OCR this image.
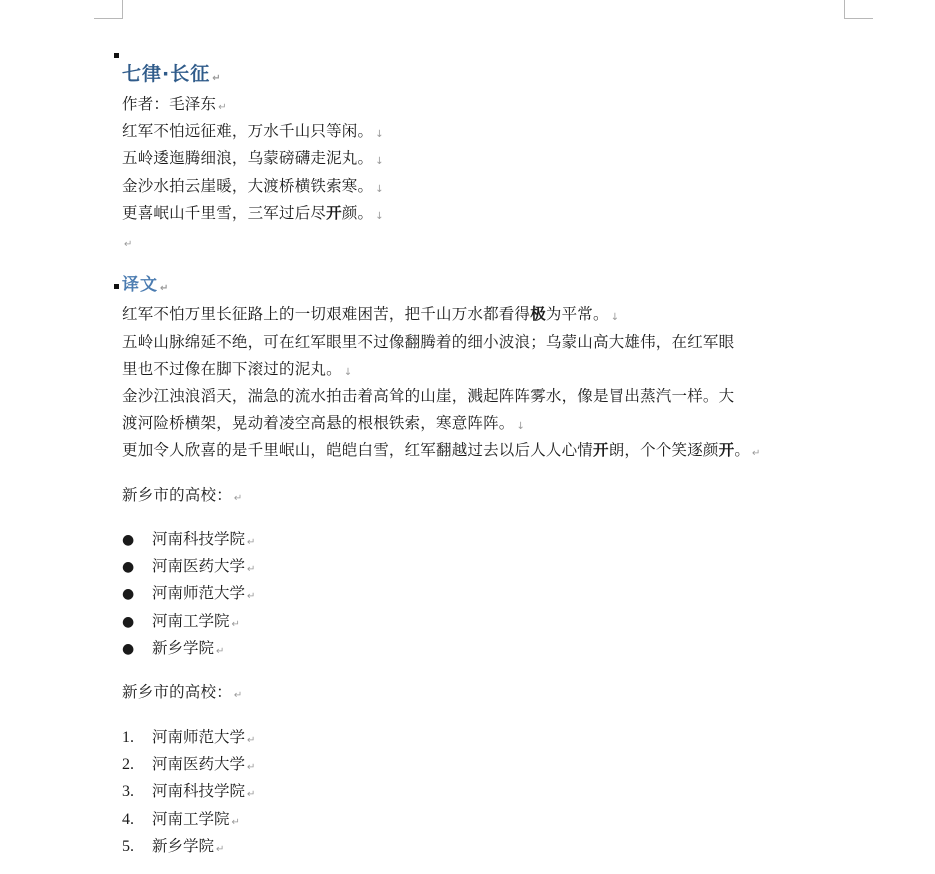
七律·长征 ↵
作者：毛泽东 ↵
红军不怕远征难，万水千山只等闲。 ↓
五岭逶迤腾细浪，乌蒙磅礴走泥丸。 ↓
金沙水拍云崖暖，大渡桥横铁索寒。 ↓
更喜岷山千里雪，三军过后尽开颜。 ↓
↵
译文 ↵
红军不怕万里长征路上的一切艰难困苦，把千山万水都看得极为平常。 ↓
五岭山脉绵延不绝，可在红军眼里不过像翻腾着的细小波浪；乌蒙山高大雄伟，在红军眼
里也不过像在脚下滚过的泥丸。 ↓
金沙江浊浪滔天，湍急的流水拍击着高耸的山崖，溅起阵阵雾水，像是冒出蒸汽一样。大
渡河险桥横架，晃动着凌空高悬的根根铁索，寒意阵阵。 ↓
更加令人欣喜的是千里岷山，皑皑白雪，红军翻越过去以后人人心情开朗，个个笑逐颜开。 ↵
新乡市的高校： ↵
● 河南科技学院 ↵
● 河南医药大学 ↵
● 河南师范大学 ↵
● 河南工学院 ↵
● 新乡学院 ↵
新乡市的高校： ↵
1. 河南师范大学 ↵
2. 河南医药大学 ↵
3. 河南科技学院 ↵
4. 河南工学院 ↵
5. 新乡学院 ↵
